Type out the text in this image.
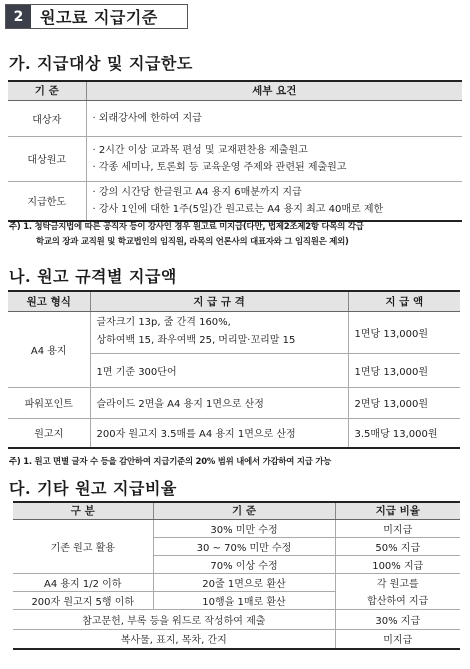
2	원고료 지급기준
가. 지급대상 및 지급한도
기 준	세부 요건
대상자	· 외래강사에 한하여 지급

대상원고	· 2시간 이상 교과목 편성 및 교재편찬용 제출원고
· 각종 세미나, 토론회 등 교육운영 주제와 관련된 제출원고

지급한도	· 강의 시간당 한글원고 A4 용지 6매분까지 지급
· 강사 1인에 대한 1주(5일)간 원고료는 A4 용지 최고 40매로 제한
주) 1. 청탁금지법에 따른 공직자 등이 강사인 경우 원고료 미지급(다만, 법제2조제2항 다목의 각급
학교의 장과 교직원 및 학교법인의 임직원, 라목의 언론사의 대표자와 그 임직원은 제외)
나. 원고 규격별 지급액
원고 형식	지 급 규 격	지 급 액
A4 용지	글자크기 13p, 줄 간격 160%,
상하여백 15, 좌우여백 25, 머리말·꼬리말 15	1면당 13,000원
	1면 기준 300단어	1면당 13,000원
파워포인트	슬라이드 2면을 A4 용지 1면으로 산정	2면당 13,000원
원고지	200자 원고지 3.5매를 A4 용지 1면으로 산정	3.5매당 13,000원
주) 1. 원고 면별 글자 수 등을 감안하여 지급기준의 20% 범위 내에서 가감하여 지급 가능
다. 기타 원고 지급비율
구 분	기 준	지급 비율
기존 원고 활용	30% 미만 수정	미지급
	30 ~ 70% 미만 수정	50% 지급
	70% 이상 수정	100% 지급
A4 용지 1/2 이하	20줄 1면으로 환산	각 원고를
200자 원고지 5행 이하	10행을 1매로 환산	합산하여 지급
참고문헌, 부록 등을 워드로 작성하여 제출		30% 지급
복사물, 표지, 목차, 간지		미지급
